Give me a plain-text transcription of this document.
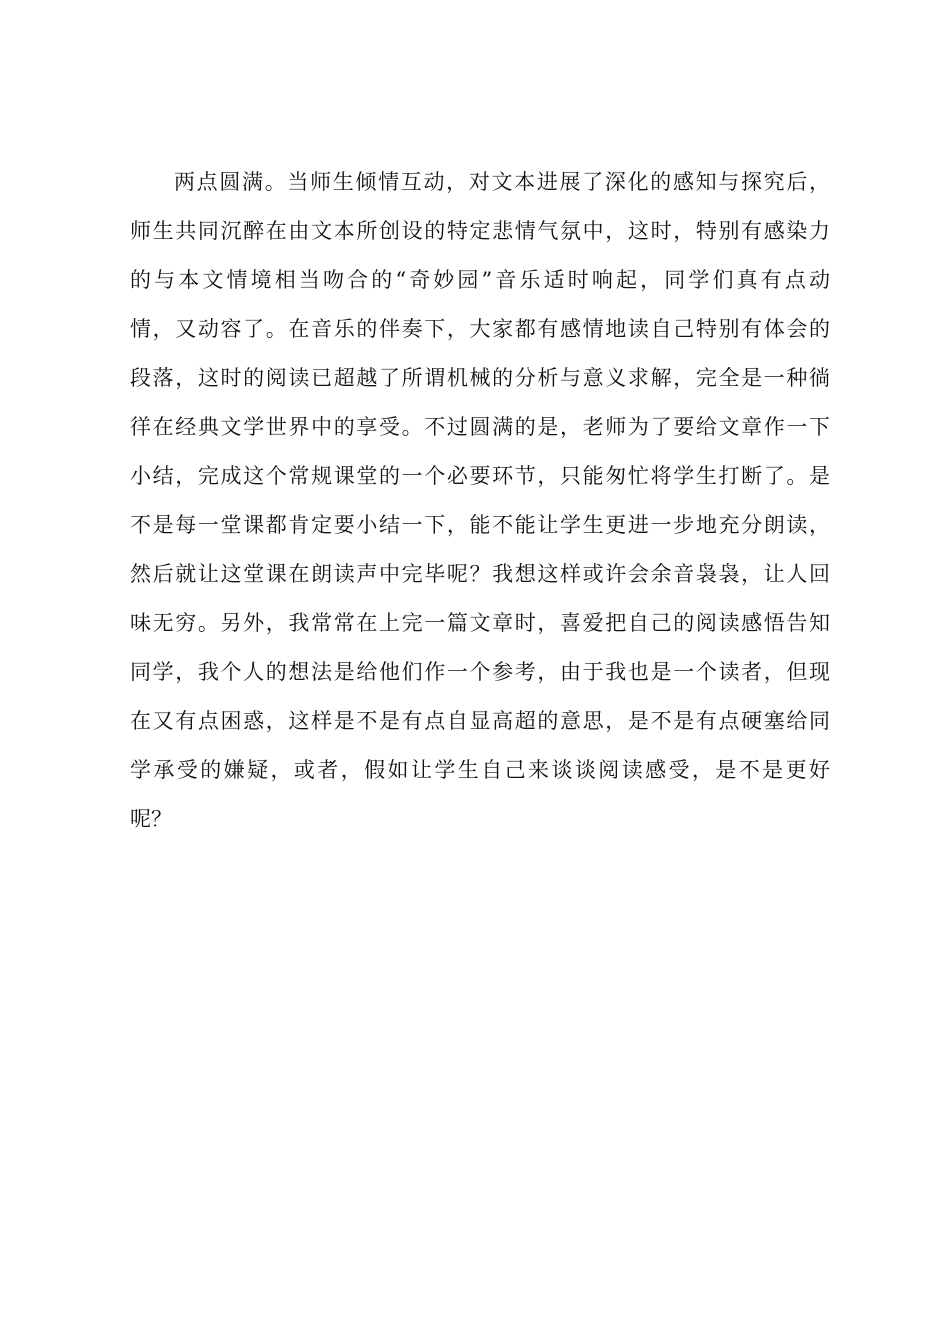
两点圆满。当师生倾情互动，对文本进展了深化的感知与探究后，
师生共同沉醉在由文本所创设的特定悲情气氛中，这时，特别有感染力
的与本文情境相当吻合的“奇妙园”音乐适时响起，同学们真有点动
情，又动容了。在音乐的伴奏下，大家都有感情地读自己特别有体会的
段落，这时的阅读已超越了所谓机械的分析与意义求解，完全是一种徜
徉在经典文学世界中的享受。不过圆满的是，老师为了要给文章作一下
小结，完成这个常规课堂的一个必要环节，只能匆忙将学生打断了。是
不是每一堂课都肯定要小结一下，能不能让学生更进一步地充分朗读，
然后就让这堂课在朗读声中完毕呢？我想这样或许会余音袅袅，让人回
味无穷。另外，我常常在上完一篇文章时，喜爱把自己的阅读感悟告知
同学，我个人的想法是给他们作一个参考，由于我也是一个读者，但现
在又有点困惑，这样是不是有点自显高超的意思，是不是有点硬塞给同
学承受的嫌疑，或者，假如让学生自己来谈谈阅读感受，是不是更好
呢？
